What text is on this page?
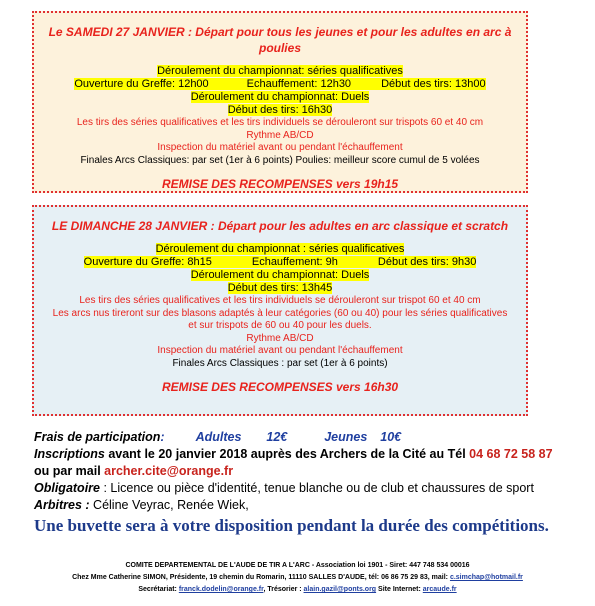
Le SAMEDI 27 JANVIER : Départ pour tous les jeunes et pour les adultes en arc à poulies
Déroulement du championnat: séries qualificatives
Ouverture du Greffe: 12h00	Echauffement: 12h30	Début des tirs: 13h00
Déroulement du championnat: Duels
Début des tirs: 16h30
Les tirs des séries qualificatives et les tirs individuels se dérouleront sur trispots 60 et 40 cm
Rythme AB/CD
Inspection du matériel avant ou pendant l'échauffement
Finales Arcs Classiques: par set (1er à 6 points) Poulies: meilleur score cumul de 5 volées
REMISE DES RECOMPENSES vers 19h15
LE DIMANCHE 28 JANVIER : Départ pour les adultes en arc classique et scratch
Déroulement du championnat : séries qualificatives
Ouverture du Greffe: 8h15	Echauffement: 9h	Début des tirs: 9h30
Déroulement du championnat: Duels
Début des tirs: 13h45
Les tirs des séries qualificatives et les tirs individuels se dérouleront sur trispot 60 et 40 cm
Les arcs nus tireront sur des blasons adaptés à leur catégories (60 ou 40) pour les séries qualificatives
et sur trispots de 60 ou 40 pour les duels.
Rythme AB/CD
Inspection du matériel avant ou pendant l'échauffement
Finales Arcs Classiques : par set (1er à 6 points)
REMISE DES RECOMPENSES vers 16h30
Frais de participation: Adultes 12€	Jeunes 10€
Inscriptions avant le 20 janvier 2018 auprès des Archers de la Cité au Tél 04 68 72 58 87
ou par mail archer.cite@orange.fr
Obligatoire : Licence ou pièce d'identité, tenue blanche ou de club et chaussures de sport
Arbitres : Céline Veyrac, Renée Wiek,
Une buvette sera à votre disposition pendant la durée des compétitions.
COMITE DEPARTEMENTAL DE L'AUDE DE TIR A L'ARC - Association loi 1901 - Siret: 447 748 534 00016
Chez Mme Catherine SIMON, Présidente, 19 chemin du Romarin, 11110 SALLES D'AUDE, tél: 06 86 75 29 83, mail: c.simchap@hotmail.fr
Secrétariat: franck.dodelin@orange.fr, Trésorier : alain.gazil@ponts.org Site Internet: arcaude.fr
